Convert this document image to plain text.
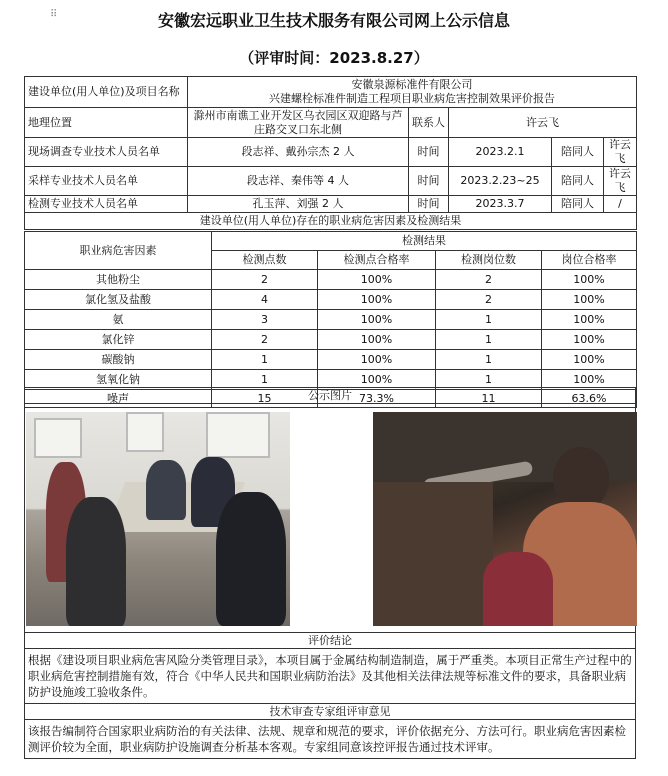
⠿	安徽宏远职业卫生技术服务有限公司网上公示信息
（评审时间：2023.8.27）
建设单位(用人单位)及项目名称	安徽泉源标准件有限公司
兴建螺栓标准件制造工程项目职业病危害控制效果评价报告				

地理位置	滁州市南谯工业开发区乌衣园区双迎路与芦庄路交叉口东北侧	联系人	许云飞		
现场调查专业技术人员名单	段志祥、戴孙宗杰 2 人	时间	2023.2.1	陪同人	许云飞
采样专业技术人员名单	段志祥、秦伟等 4 人	时间	2023.2.23~25	陪同人	许云飞
检测专业技术人员名单	孔玉萍、刘强 2 人	时间	2023.3.7	陪同人	/
建设单位(用人单位)存在的职业病危害因素及检测结果					
职业病危害因素	检测结果			
	检测点数	检测点合格率	检测岗位数	岗位合格率
其他粉尘	2	100%	2	100%
氯化氢及盐酸	4	100%	2	100%
氨	3	100%	1	100%
氯化锌	2	100%	1	100%
碳酸钠	1	100%	1	100%
氢氧化钠	1	100%	1	100%
噪声	15	73.3%	11	63.6%
公示图片

评价结论
根据《建设项目职业病危害风险分类管理目录》，本项目属于金属结构制造制造，属于严重类。本项目正常生产过程中的职业病危害控制措施有效，符合《中华人民共和国职业病防治法》及其他相关法律法规等标准文件的要求，具备职业病防护设施竣工验收条件。
技术审查专家组评审意见
该报告编制符合国家职业病防治的有关法律、法规、规章和规范的要求，评价依据充分、方法可行。职业病危害因素检测评价较为全面，职业病防护设施调查分析基本客观。专家组同意该控评报告通过技术评审。
